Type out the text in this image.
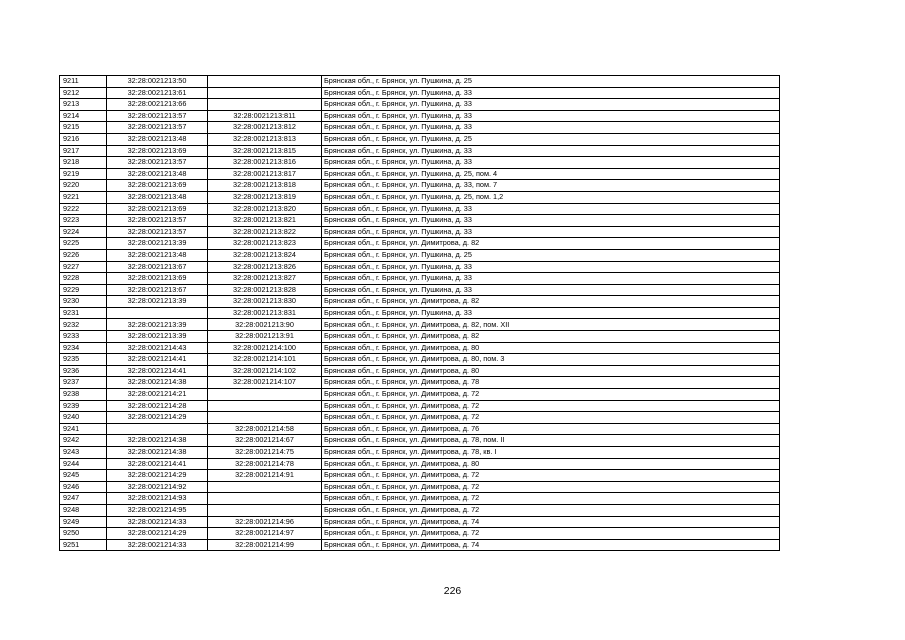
9211	32:28:0021213:50		Брянская обл., г. Брянск, ул. Пушкина, д. 25
9212	32:28:0021213:61		Брянская обл., г. Брянск, ул. Пушкина, д. 33
9213	32:28:0021213:66		Брянская обл., г. Брянск, ул. Пушкина, д. 33
9214	32:28:0021213:57	32:28:0021213:811	Брянская обл., г. Брянск, ул. Пушкина, д. 33
9215	32:28:0021213:57	32:28:0021213:812	Брянская обл., г. Брянск, ул. Пушкина, д. 33
9216	32:28:0021213:48	32:28:0021213:813	Брянская обл., г. Брянск, ул. Пушкина, д. 25
9217	32:28:0021213:69	32:28:0021213:815	Брянская обл., г. Брянск, ул. Пушкина, д. 33
9218	32:28:0021213:57	32:28:0021213:816	Брянская обл., г. Брянск, ул. Пушкина, д. 33
9219	32:28:0021213:48	32:28:0021213:817	Брянская обл., г. Брянск, ул. Пушкина, д. 25, пом. 4
9220	32:28:0021213:69	32:28:0021213:818	Брянская обл., г. Брянск, ул. Пушкина, д. 33, пом. 7
9221	32:28:0021213:48	32:28:0021213:819	Брянская обл., г. Брянск, ул. Пушкина, д. 25, пом. 1,2
9222	32:28:0021213:69	32:28:0021213:820	Брянская обл., г. Брянск, ул. Пушкина, д. 33
9223	32:28:0021213:57	32:28:0021213:821	Брянская обл., г. Брянск, ул. Пушкина, д. 33
9224	32:28:0021213:57	32:28:0021213:822	Брянская обл., г. Брянск, ул. Пушкина, д. 33
9225	32:28:0021213:39	32:28:0021213:823	Брянская обл., г. Брянск, ул. Димитрова, д. 82
9226	32:28:0021213:48	32:28:0021213:824	Брянская обл., г. Брянск, ул. Пушкина, д. 25
9227	32:28:0021213:67	32:28:0021213:826	Брянская обл., г. Брянск, ул. Пушкина, д. 33
9228	32:28:0021213:69	32:28:0021213:827	Брянская обл., г. Брянск, ул. Пушкина, д. 33
9229	32:28:0021213:67	32:28:0021213:828	Брянская обл., г. Брянск, ул. Пушкина, д. 33
9230	32:28:0021213:39	32:28:0021213:830	Брянская обл., г. Брянск, ул. Димитрова, д. 82
9231		32:28:0021213:831	Брянская обл., г. Брянск, ул. Пушкина, д. 33
9232	32:28:0021213:39	32:28:0021213:90	Брянская обл., г. Брянск, ул. Димитрова, д. 82, пом. XII
9233	32:28:0021213:39	32:28:0021213:91	Брянская обл., г. Брянск, ул. Димитрова, д. 82
9234	32:28:0021214:43	32:28:0021214:100	Брянская обл., г. Брянск, ул. Димитрова, д. 80
9235	32:28:0021214:41	32:28:0021214:101	Брянская обл., г. Брянск, ул. Димитрова, д. 80, пом. 3
9236	32:28:0021214:41	32:28:0021214:102	Брянская обл., г. Брянск, ул. Димитрова, д. 80
9237	32:28:0021214:38	32:28:0021214:107	Брянская обл., г. Брянск, ул. Димитрова, д. 78
9238	32:28:0021214:21		Брянская обл., г. Брянск, ул. Димитрова, д. 72
9239	32:28:0021214:28		Брянская обл., г. Брянск, ул. Димитрова, д. 72
9240	32:28:0021214:29		Брянская обл., г. Брянск, ул. Димитрова, д. 72
9241		32:28:0021214:58	Брянская обл., г. Брянск, ул. Димитрова, д. 76
9242	32:28:0021214:38	32:28:0021214:67	Брянская обл., г. Брянск, ул. Димитрова, д. 78, пом. II
9243	32:28:0021214:38	32:28:0021214:75	Брянская обл., г. Брянск, ул. Димитрова, д. 78, кв. I
9244	32:28:0021214:41	32:28:0021214:78	Брянская обл., г. Брянск, ул. Димитрова, д. 80
9245	32:28:0021214:29	32:28:0021214:91	Брянская обл., г. Брянск, ул. Димитрова, д. 72
9246	32:28:0021214:92		Брянская обл., г. Брянск, ул. Димитрова, д. 72
9247	32:28:0021214:93		Брянская обл., г. Брянск, ул. Димитрова, д. 72
9248	32:28:0021214:95		Брянская обл., г. Брянск, ул. Димитрова, д. 72
9249	32:28:0021214:33	32:28:0021214:96	Брянская обл., г. Брянск, ул. Димитрова, д. 74
9250	32:28:0021214:29	32:28:0021214:97	Брянская обл., г. Брянск, ул. Димитрова, д. 72
9251	32:28:0021214:33	32:28:0021214:99	Брянская обл., г. Брянск, ул. Димитрова, д. 74
226
